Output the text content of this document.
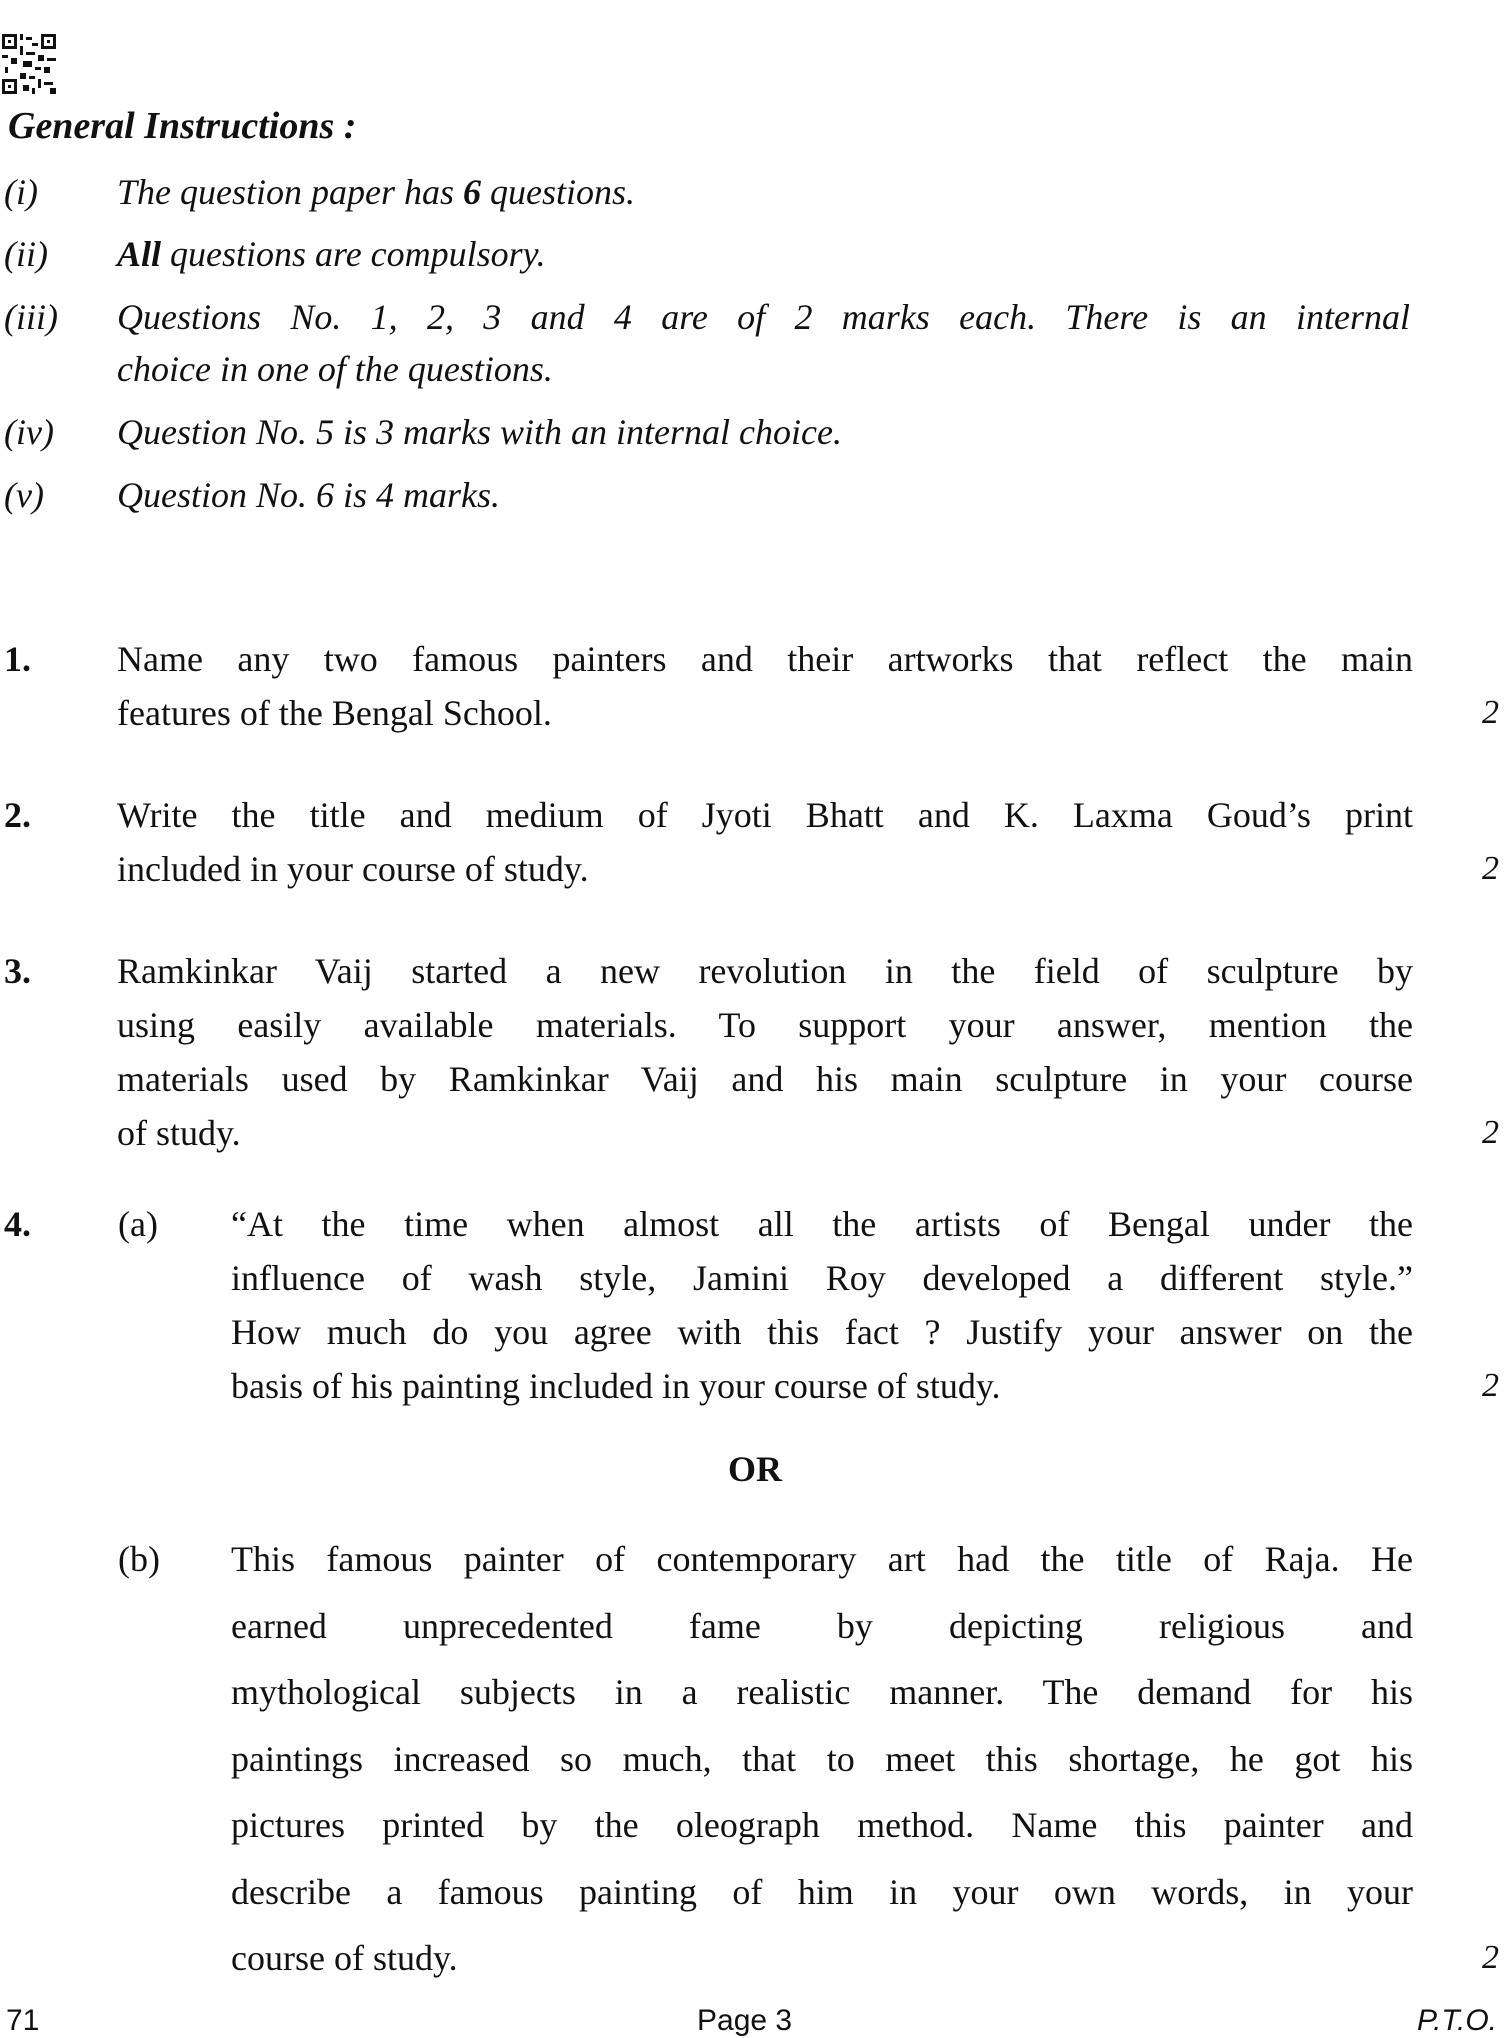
General Instructions :
(i) The question paper has 6 questions.
(ii) All questions are compulsory.
(iii) Questions No. 1, 2, 3 and 4 are of 2 marks each. There is an internal
choice in one of the questions.
(iv) Question No. 5 is 3 marks with an internal choice.
(v) Question No. 6 is 4 marks.
1. Name any two famous painters and their artworks that reflect the main
features of the Bengal School.	2
2. Write the title and medium of Jyoti Bhatt and K. Laxma Goud’s print
included in your course of study.	2
3. Ramkinkar Vaij started a new revolution in the field of sculpture by
using easily available materials. To support your answer, mention the
materials used by Ramkinkar Vaij and his main sculpture in your course
of study.	2
4. (a) “At the time when almost all the artists of Bengal under the
influence of wash style, Jamini Roy developed a different style.”
How much do you agree with this fact ? Justify your answer on the
basis of his painting included in your course of study.	2
OR
(b) This famous painter of contemporary art had the title of Raja. He
earned unprecedented fame by depicting religious and
mythological subjects in a realistic manner. The demand for his
paintings increased so much, that to meet this shortage, he got his
pictures printed by the oleograph method. Name this painter and
describe a famous painting of him in your own words, in your
course of study.	2
71	Page 3	P.T.O.
